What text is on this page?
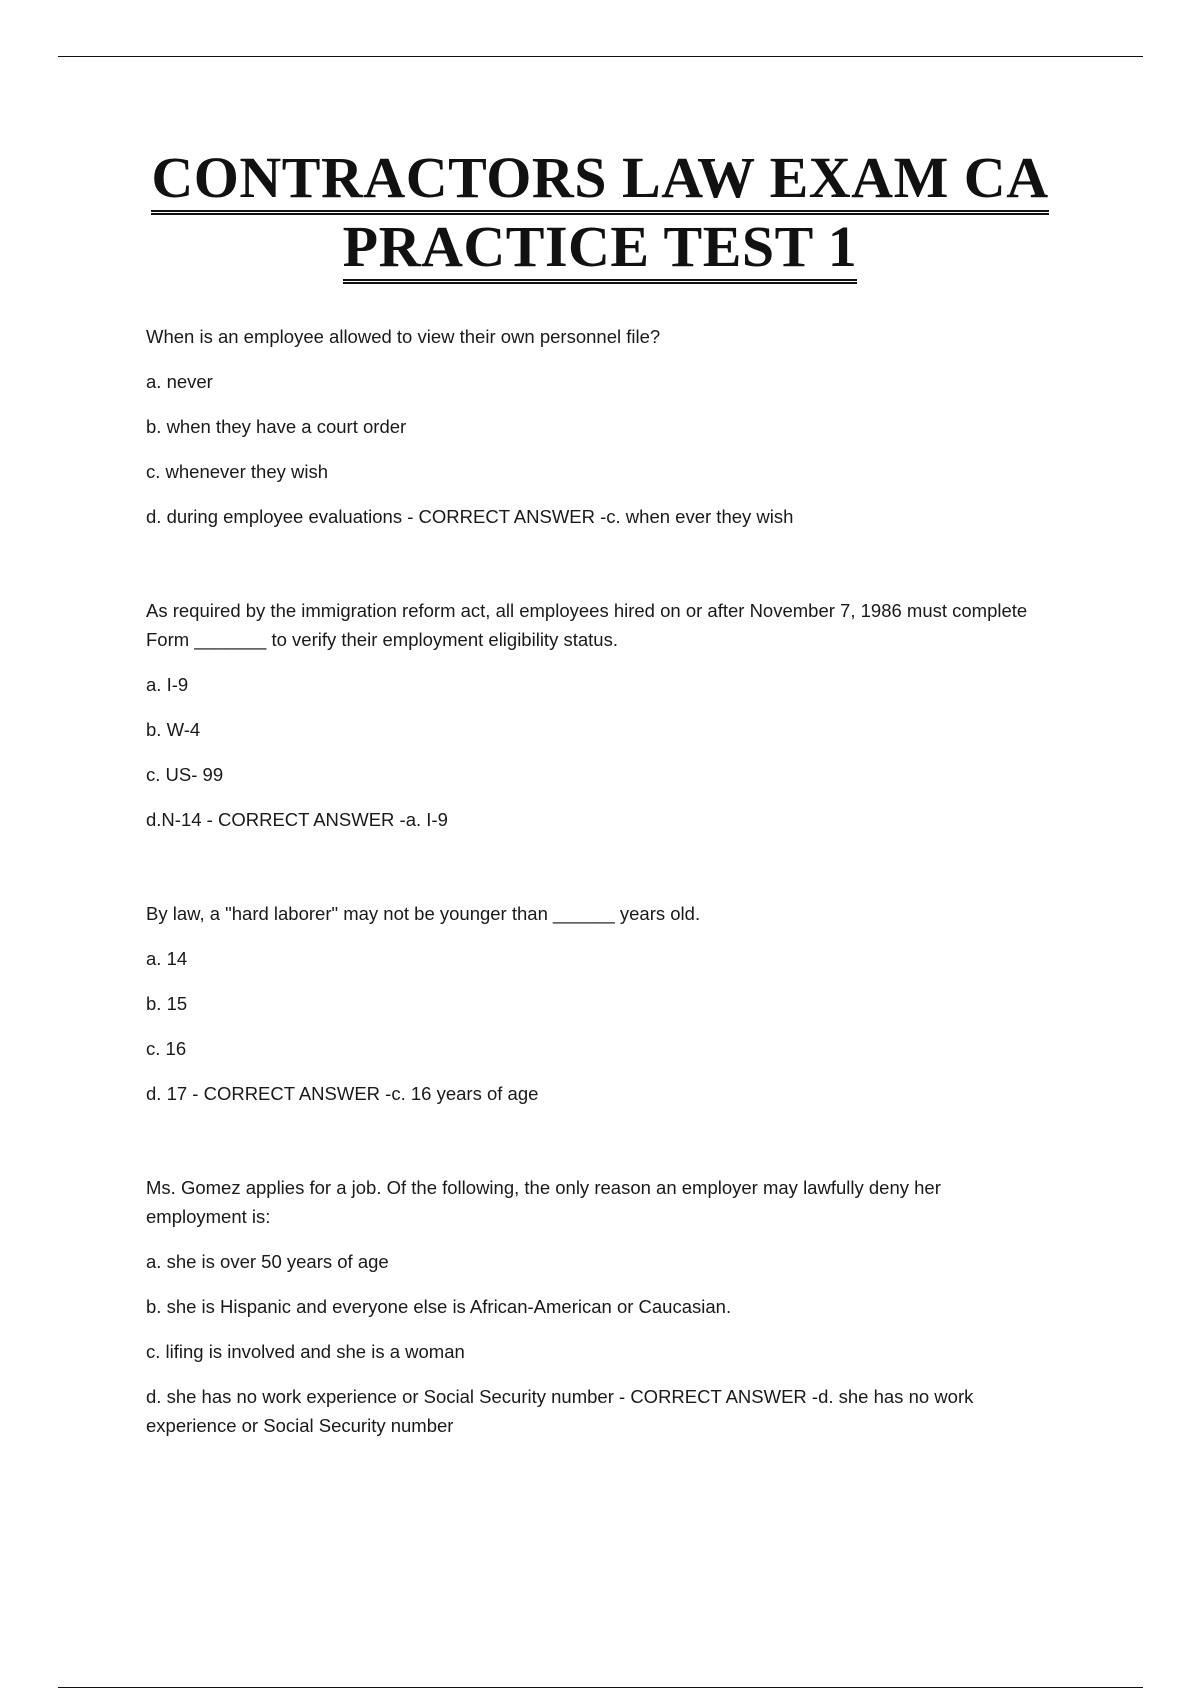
CONTRACTORS LAW EXAM CA
PRACTICE TEST 1

When is an employee allowed to view their own personnel file?

a. never

b. when they have a court order

c. whenever they wish

d. during employee evaluations - CORRECT ANSWER -c. when ever they wish

As required by the immigration reform act, all employees hired on or after November 7, 1986 must complete Form _______ to verify their employment eligibility status.

a. I-9

b. W-4

c. US- 99

d.N-14 - CORRECT ANSWER -a. I-9

By law, a "hard laborer" may not be younger than ______ years old.

a. 14

b. 15

c. 16

d. 17 - CORRECT ANSWER -c. 16 years of age

Ms. Gomez applies for a job. Of the following, the only reason an employer may lawfully deny her employment is:

a. she is over 50 years of age

b. she is Hispanic and everyone else is African-American or Caucasian.

c. lifing is involved and she is a woman

d. she has no work experience or Social Security number - CORRECT ANSWER -d. she has no work experience or Social Security number
